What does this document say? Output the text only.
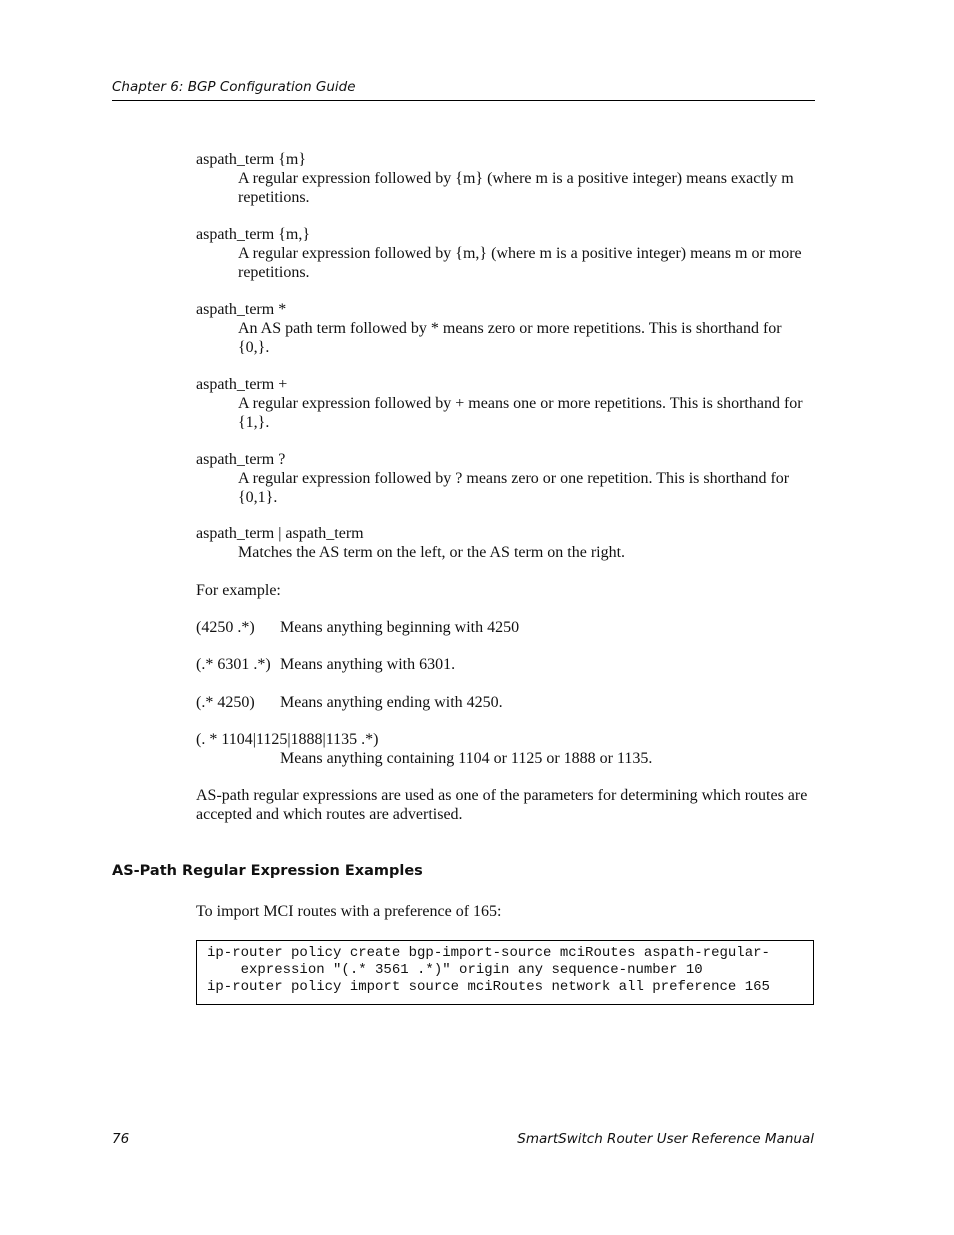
Chapter 6: BGP Configuration Guide
aspath_term {m}
A regular expression followed by {m} (where m is a positive integer) means exactly m repetitions.
aspath_term {m,}
A regular expression followed by {m,} (where m is a positive integer) means m or more repetitions.
aspath_term *
An AS path term followed by * means zero or more repetitions. This is shorthand for {0,}.
aspath_term +
A regular expression followed by + means one or more repetitions. This is shorthand for {1,}.
aspath_term ?
A regular expression followed by ? means zero or one repetition. This is shorthand for {0,1}.
aspath_term | aspath_term
Matches the AS term on the left, or the AS term on the right.
For example:
(4250 .*) Means anything beginning with 4250
(.* 6301 .*) Means anything with 6301.
(.* 4250) Means anything ending with 4250.
(. * 1104|1125|1888|1135 .*)
Means anything containing 1104 or 1125 or 1888 or 1135.
AS-path regular expressions are used as one of the parameters for determining which routes are accepted and which routes are advertised.
AS-Path Regular Expression Examples
To import MCI routes with a preference of 165:
ip-router policy create bgp-import-source mciRoutes aspath-regular-
expression "(.* 3561 .*)" origin any sequence-number 10
ip-router policy import source mciRoutes network all preference 165
76	SmartSwitch Router User Reference Manual
